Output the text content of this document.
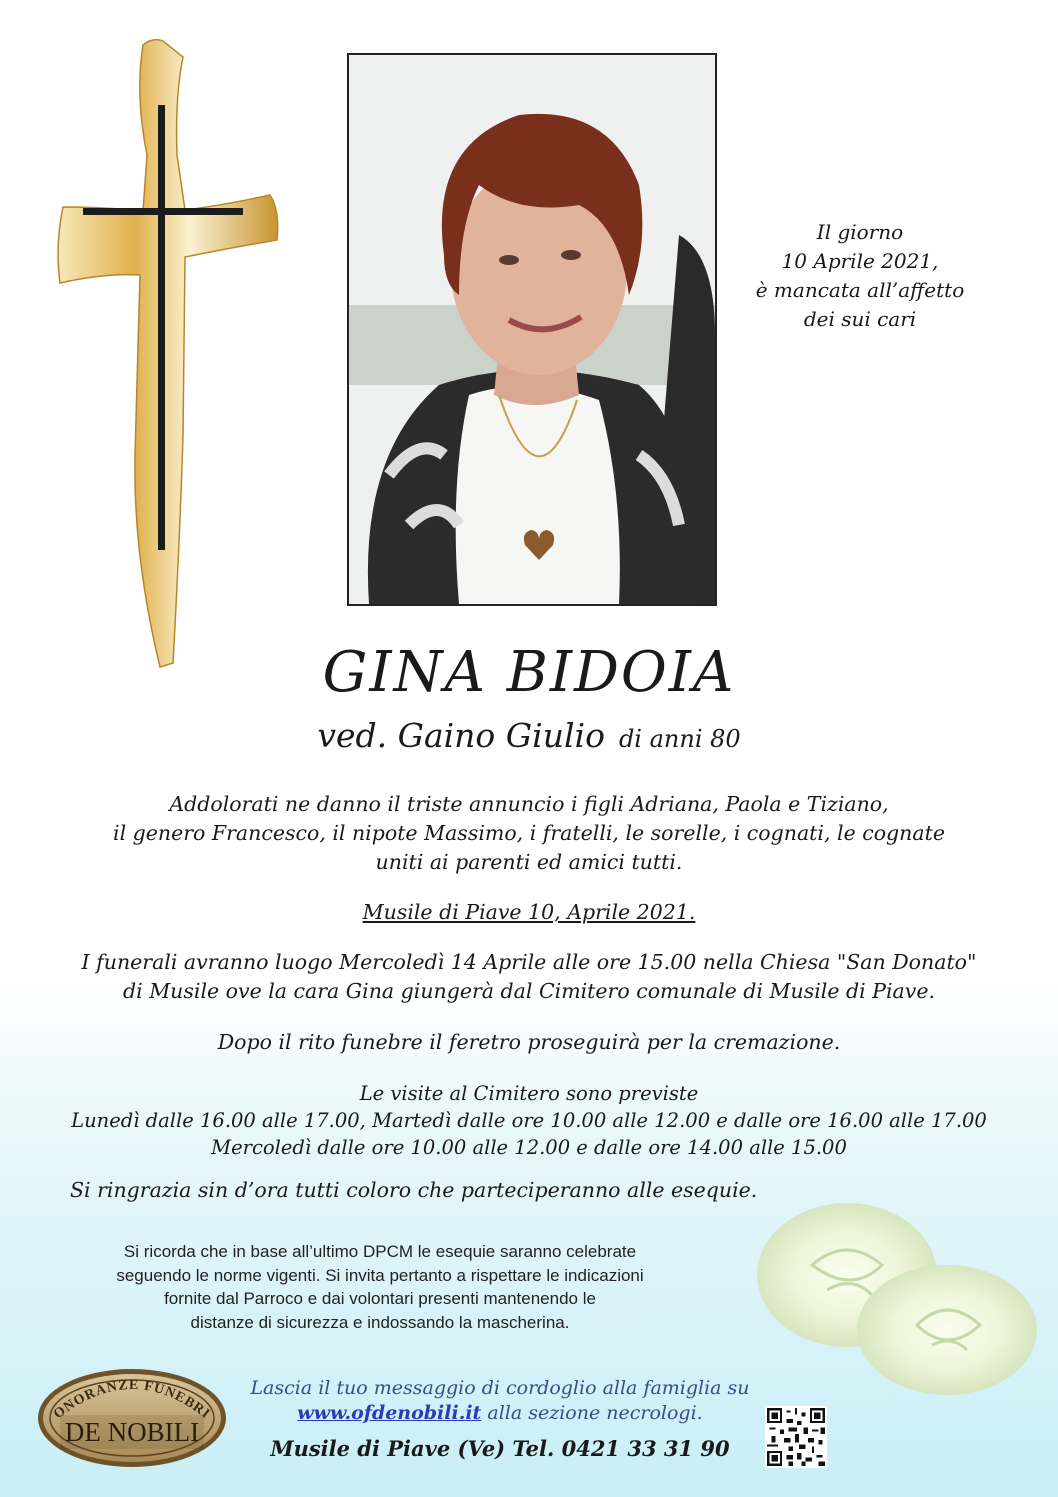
Il giorno
10 Aprile 2021,
è mancata all’affetto
dei sui cari
GINA BIDOIA
ved. Gaino Giulio di anni 80
Addolorati ne danno il triste annuncio i figli Adriana, Paola e Tiziano,
il genero Francesco, il nipote Massimo, i fratelli, le sorelle, i cognati, le cognate
uniti ai parenti ed amici tutti.
Musile di Piave 10, Aprile 2021.
I funerali avranno luogo Mercoledì 14 Aprile alle ore 15.00 nella Chiesa "San Donato"
di Musile ove la cara Gina giungerà dal Cimitero comunale di Musile di Piave.
Dopo il rito funebre il feretro proseguirà per la cremazione.
Le visite al Cimitero sono previste
Lunedì dalle 16.00 alle 17.00, Martedì dalle ore 10.00 alle 12.00 e dalle ore 16.00 alle 17.00
Mercoledì dalle ore 10.00 alle 12.00 e dalle ore 14.00 alle 15.00
Si ringrazia sin d’ora tutti coloro che parteciperanno alle esequie.
Si ricorda che in base all’ultimo DPCM le esequie saranno celebrate
seguendo le norme vigenti. Si invita pertanto a rispettare le indicazioni
fornite dal Parroco e dai volontari presenti mantenendo le
distanze di sicurezza e indossando la mascherina.
ONORANZE FUNEBRI
DE NOBILI
Lascia il tuo messaggio di cordoglio alla famiglia su
www.ofdenobili.it alla sezione necrologi.
Musile di Piave (Ve) Tel. 0421 33 31 90
